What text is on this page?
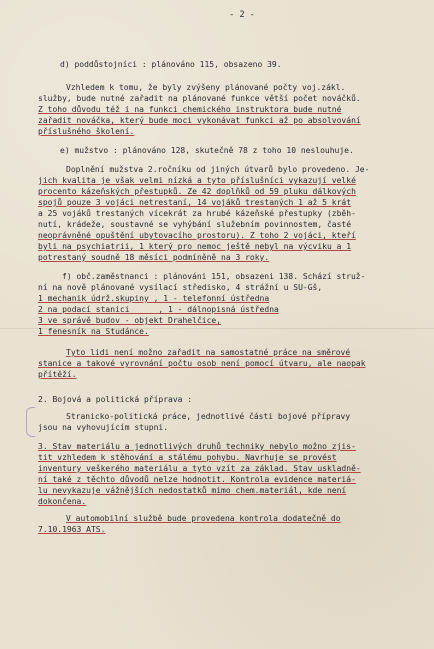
- 2 -
d) poddůstojníci : plánováno 115, obsazeno 39.
Vzhledem k tomu, že byly zvýšeny plánované počty voj.zákl.
služby, bude nutné zařadit na plánované funkce větší počet nováčků.
Z toho důvodu též i na funkci chemického instruktora bude nutné
zařadit nováčka, který bude moci vykonávat funkci až po absolvování
příslušného školení.
e) mužstvo : plánováno 128, skutečně 78 z toho 10 neslouhuje.
Doplnění mužstva 2.ročníku od jiných útvarů bylo provedeno. Je-
jich kvalita je však velmi nízká a tyto příslušníci vykazují velké
procento kázeňských přestupků. Ze 42 doplňků od 59 pluku dálkových
spojů pouze 3 vojáci netrestaní, 14 vojáků trestaných 1 až 5 krát
a 25 vojáků trestaných vícekrát za hrubé kázeňské přestupky (zběh-
nutí, krádeže, soustavné se vyhýbání služebním povinnostem, časté
neoprávněné opuštění ubytovacího prostoru). Z toho 2 vojáci, kteří
byli na psychiatrii, 1 který pro nemoc ještě nebyl na výcviku a 1
potrestaný soudně 18 měsíci podmíněně na 3 roky.
f) obč.zaměstnanci : plánováni 151, obsazeni 138. Schází struž-
ní na nově plánované vysílací středisko, 4 strážní u SU-Gš,
1 mechanik údrž.skupiny , 1 - telefonní ústředna
2 na podací stanici      , 1 - dálnopisná ústředna
3 ve správě budov - objekt Drahelčice,
1 fenesník na Studánce.
Tyto lidi není možno zařadit na samostatné práce na směrové
stanice a takové vyrovnání počtu osob není pomocí útvaru, ale naopak
přítěží.
2. Bojová a politická příprava :
Stranicko-politická práce, jednotlivé části bojové přípravy
jsou na vyhovujícím stupni.
3. Stav materiálu a jednotlivých druhů techniky nebylo možno zjis-
tit vzhledem k stěhování a stálému pohybu. Navrhuje se provést
inventury veškerého materiálu a tyto vzít za základ. Stav uskladně-
ní také z těchto důvodů nelze hodnotit. Kontrola evidence materiá-
lu nevykazuje vážnějších nedostatků mimo chem.materiál, kde není
dokončena.
V automobilní službě bude provedena kontrola dodatečně do
7.10.1963 ATS.
